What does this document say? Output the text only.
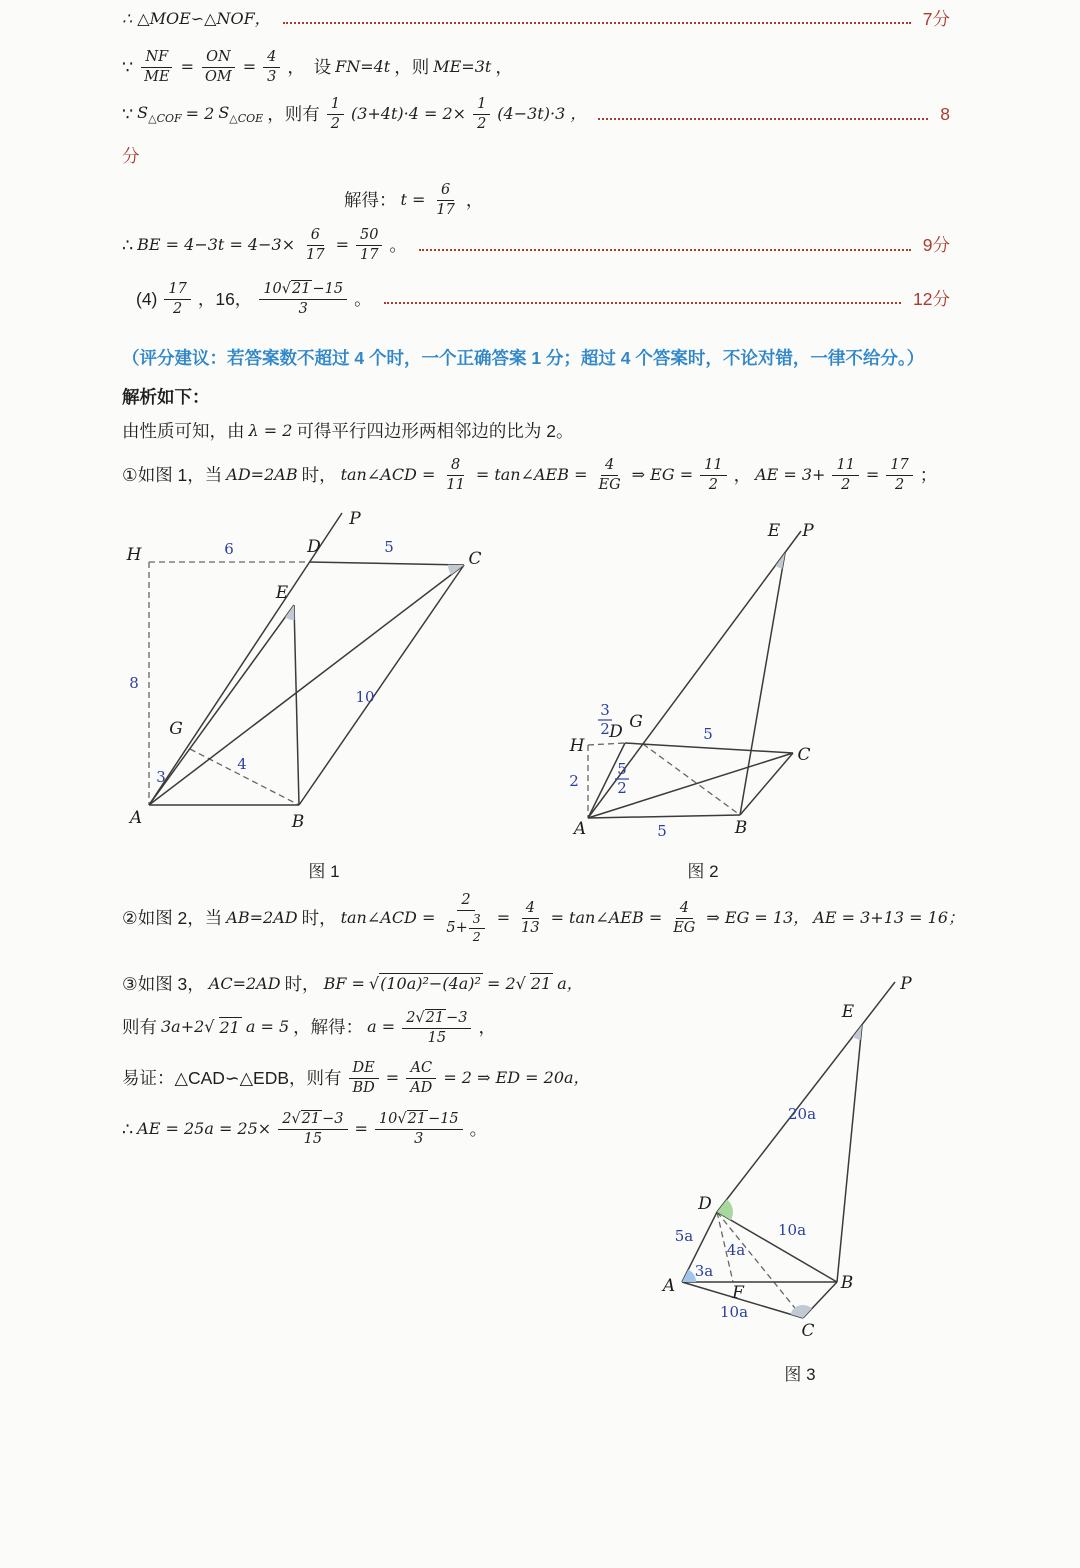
∴ △MOE∽△NOF，	7分
∵ $\frac{NF}{ME} = \frac{ON}{OM} = \frac{4}{3}$ ，　设 FN=4t ，则 ME=3t ，
∵ $S_{\triangle COF} = 2$ $S_{\triangle COE}$ ，则有 $\frac{1}{2} (3+4t)\cdot 4 = 2\times \frac{1}{2} (4-3t)\cdot 3$ ，	8
分
解得： $t = \frac{6}{17}$ ，
∴ BE = $4-3t = 4-3\times \frac{6}{17} = \frac{50}{17}$ 。	9分
$(4) \frac{17}{2}$ ，16， $\frac{10√ 21 -15}{3}$ 。	12分
（评分建议：若答案数不超过 4 个时，一个正确答案 1 分；超过 4 个答案时，不论对错，一律不给分。）
解析如下：
由性质可知，由 λ = 2 可得平行四边形两相邻边的比为 2。
①如图 1，当 AD=2AB 时， tan∠ACD = $\frac{8}{11}$ = tan∠AEB = $\frac{4}{EG}$ ⇒ EG = $\frac{11}{2}$ ， AE = $3+ \frac{11}{2} = \frac{17}{2}$ ；
H	D
C
P
E
G
A	B
6	5
8
10
3
4
图 1
E P
H
D G
C
A	B
3
2
2
5
2
5
5
图 2
②如图 2，当 AB=2AD 时， tan∠ACD = $\frac{2}{5+ \frac{3}{2}} = \frac{4}{13}$ = tan∠AEB = $\frac{4}{EG}$ ⇒ EG = 13， AE = 3+13 = 16；
③如图 3， AC=2AD 时， BF = √(10a)²−(4a)² = 2√ 21 a，
则有 3a+2√ 21 a = 5 ，解得： $a = \frac{2√ 21 -3}{15}$ ，
易证：△CAD∽△EDB，则有 $\frac{DE}{BD} = \frac{AC}{AD} = 2$ ⇒ ED = 20a，
∴ AE = $25a = 25\times \frac{2√ 21 -3}{15} = \frac{10√ 21 -15}{3}$ 。
P
E
D
A	F	B
C
20a
5a	10a
4a
3a
10a
图 3
